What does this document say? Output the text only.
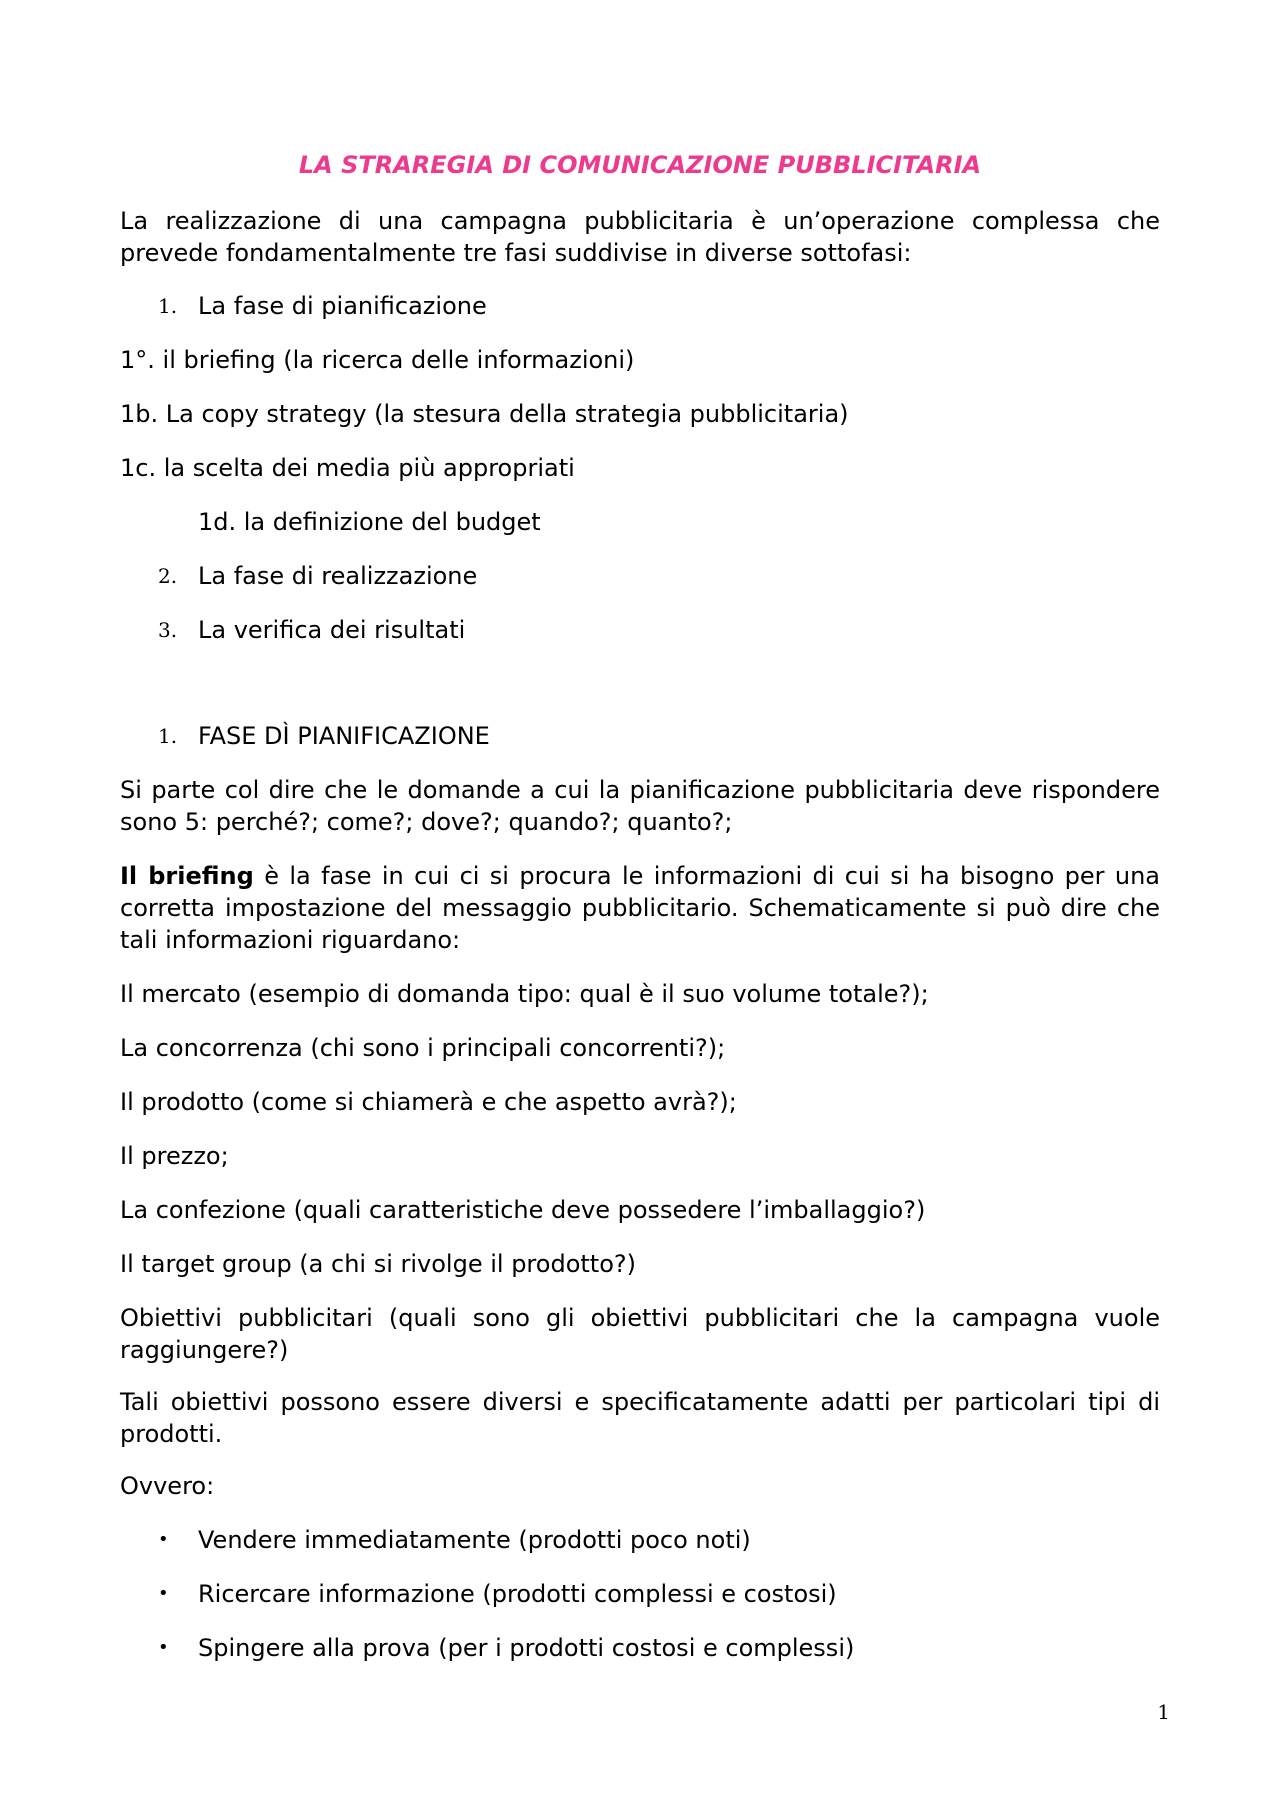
LA STRAREGIA DI COMUNICAZIONE PUBBLICITARIA

La realizzazione di una campagna pubblicitaria è un’operazione complessa che prevede fondamentalmente tre fasi suddivise in diverse sottofasi:

1. La fase di pianificazione

1°. il briefing (la ricerca delle informazioni)

1b. La copy strategy (la stesura della strategia pubblicitaria)

1c. la scelta dei media più appropriati

1d. la definizione del budget

2. La fase di realizzazione

3. La verifica dei risultati

1. FASE DÌ PIANIFICAZIONE

Si parte col dire che le domande a cui la pianificazione pubblicitaria deve rispondere sono 5: perché?; come?; dove?; quando?; quanto?;

Il briefing è la fase in cui ci si procura le informazioni di cui si ha bisogno per una corretta impostazione del messaggio pubblicitario. Schematicamente si può dire che tali informazioni riguardano:

Il mercato (esempio di domanda tipo: qual è il suo volume totale?);

La concorrenza (chi sono i principali concorrenti?);

Il prodotto (come si chiamerà e che aspetto avrà?);

Il prezzo;

La confezione (quali caratteristiche deve possedere l’imballaggio?)

Il target group (a chi si rivolge il prodotto?)

Obiettivi pubblicitari (quali sono gli obiettivi pubblicitari che la campagna vuole raggiungere?)

Tali obiettivi possono essere diversi e specificatamente adatti per particolari tipi di prodotti.

Ovvero:

•	Vendere immediatamente (prodotti poco noti)

•	Ricercare informazione (prodotti complessi e costosi)

•	Spingere alla prova (per i prodotti costosi e complessi)

1
